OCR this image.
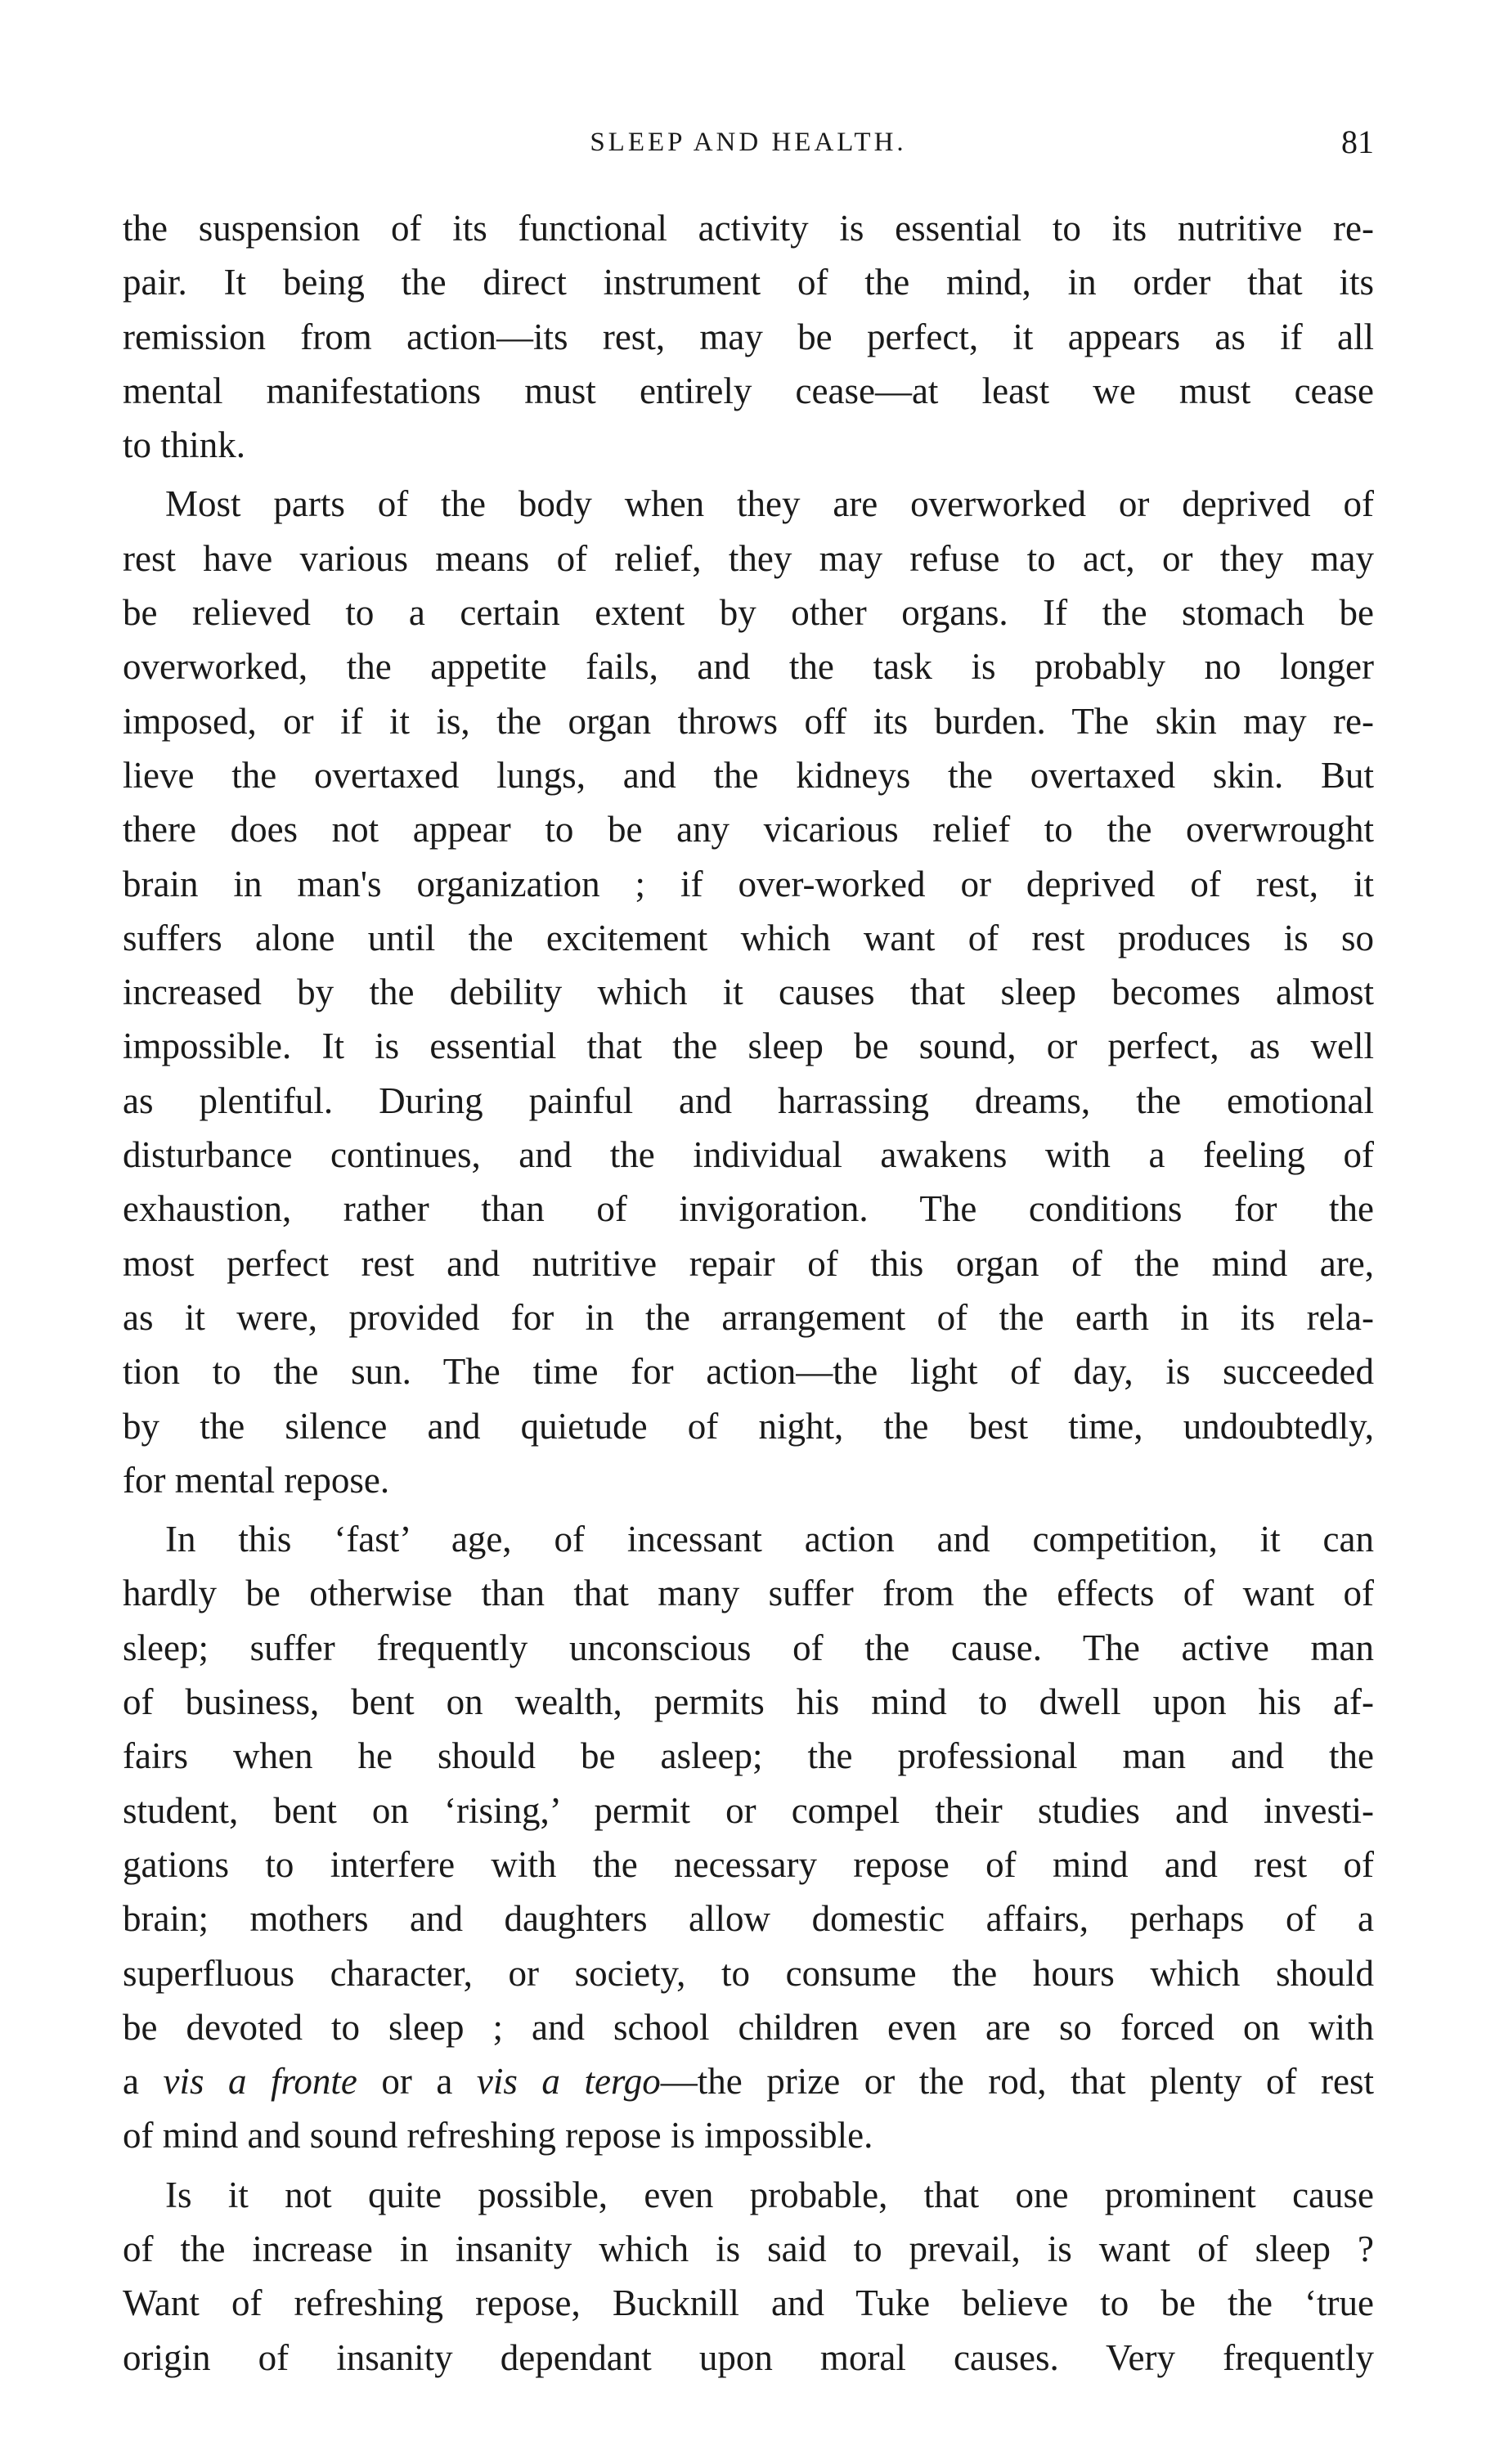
SLEEP AND HEALTH.	81

the suspension of its functional activity is essential to its nutritive re-
pair. It being the direct instrument of the mind, in order that its
remission from action—its rest, may be perfect, it appears as if all
mental manifestations must entirely cease—at least we must cease
to think.

Most parts of the body when they are overworked or deprived of
rest have various means of relief, they may refuse to act, or they may
be relieved to a certain extent by other organs. If the stomach be
overworked, the appetite fails, and the task is probably no longer
imposed, or if it is, the organ throws off its burden. The skin may re-
lieve the overtaxed lungs, and the kidneys the overtaxed skin. But
there does not appear to be any vicarious relief to the overwrought
brain in man's organization ; if over-worked or deprived of rest, it
suffers alone until the excitement which want of rest produces is so
increased by the debility which it causes that sleep becomes almost
impossible. It is essential that the sleep be sound, or perfect, as well
as plentiful. During painful and harrassing dreams, the emotional
disturbance continues, and the individual awakens with a feeling of
exhaustion, rather than of invigoration. The conditions for the
most perfect rest and nutritive repair of this organ of the mind are,
as it were, provided for in the arrangement of the earth in its rela-
tion to the sun. The time for action—the light of day, is succeeded
by the silence and quietude of night, the best time, undoubtedly,
for mental repose.

In this ‘fast’ age, of incessant action and competition, it can
hardly be otherwise than that many suffer from the effects of want of
sleep; suffer frequently unconscious of the cause. The active man
of business, bent on wealth, permits his mind to dwell upon his af-
fairs when he should be asleep; the professional man and the
student, bent on ‘rising,’ permit or compel their studies and investi-
gations to interfere with the necessary repose of mind and rest of
brain; mothers and daughters allow domestic affairs, perhaps of a
superfluous character, or society, to consume the hours which should
be devoted to sleep ; and school children even are so forced on with
a vis a fronte or a vis a tergo—the prize or the rod, that plenty of rest
of mind and sound refreshing repose is impossible.

Is it not quite possible, even probable, that one prominent cause
of the increase in insanity which is said to prevail, is want of sleep ?
Want of refreshing repose, Bucknill and Tuke believe to be the ‘true
origin of insanity dependant upon moral causes. Very frequently
